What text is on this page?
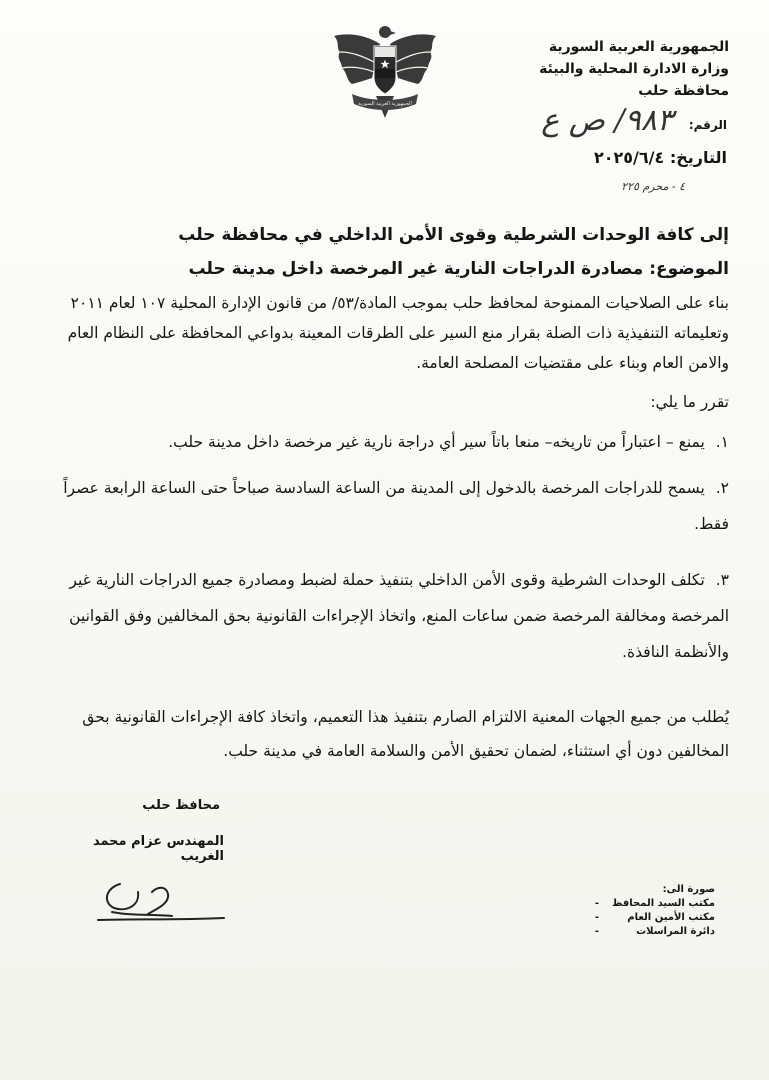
الجمهورية العربية السورية
الجمهورية العربية السورية
وزارة الادارة المحلية والبيئة
محافظة حلب
الرقم:
٩٨٣/ ص ع
التاريخ: ٢٠٢٥/٦/٤
٤ - محرم ٢٢٥
إلى كافة الوحدات الشرطية وقوى الأمن الداخلي في محافظة حلب
الموضوع: مصادرة الدراجات النارية غير المرخصة داخل مدينة حلب
بناء على الصلاحيات الممنوحة لمحافظ حلب بموجب المادة/٥٣/ من قانون الإدارة المحلية ١٠٧ لعام ٢٠١١ وتعليماته التنفيذية ذات الصلة بقرار منع السير على الطرقات المعينة بدواعي المحافظة على النظام العام والامن العام وبناء على مقتضيات المصلحة العامة.
تقرر ما يلي:
١. يمنع – اعتباراً من تاريخه– منعا باتاً سير أي دراجة نارية غير مرخصة داخل مدينة حلب.
٢. يسمح للدراجات المرخصة بالدخول إلى المدينة من الساعة السادسة صباحاً حتى الساعة الرابعة عصراً فقط.
٣. تكلف الوحدات الشرطية وقوى الأمن الداخلي بتنفيذ حملة لضبط ومصادرة جميع الدراجات النارية غير المرخصة ومخالفة المرخصة ضمن ساعات المنع، واتخاذ الإجراءات القانونية بحق المخالفين وفق القوانين والأنظمة النافذة.
يُطلب من جميع الجهات المعنية الالتزام الصارم بتنفيذ هذا التعميم، واتخاذ كافة الإجراءات القانونية بحق المخالفين دون أي استثناء، لضمان تحقيق الأمن والسلامة العامة في مدينة حلب.
محافظ حلب
المهندس عزام محمد الغريب
صورة الى:
مكتب السيد المحافظ
-
مكتب الأمين العام
-
دائرة المراسلات
-
